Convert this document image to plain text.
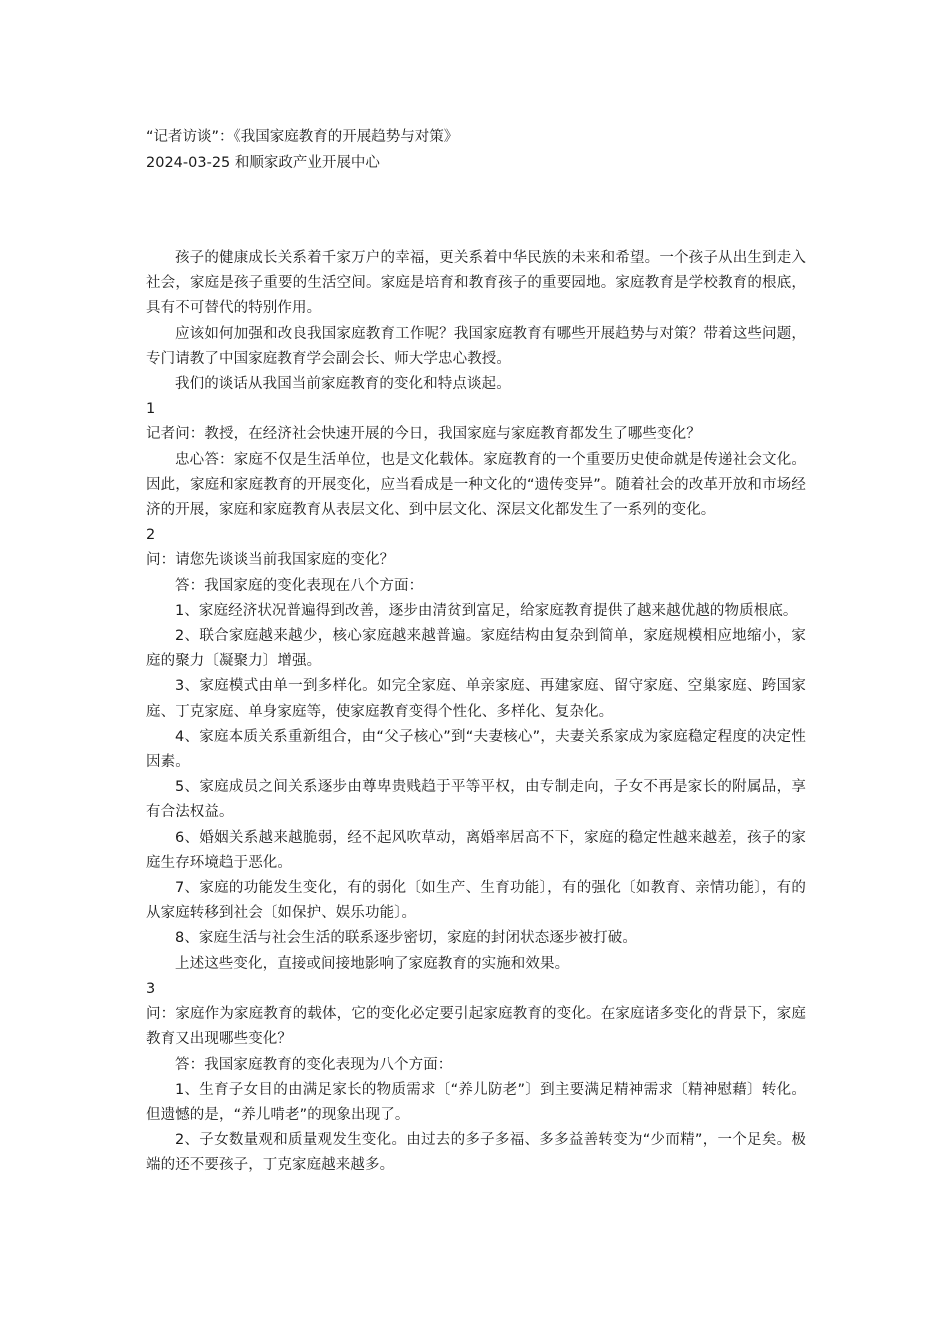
“记者访谈”：《我国家庭教育的开展趋势与对策》

2024-03-25 和顺家政产业开展中心

孩子的健康成长关系着千家万户的幸福，更关系着中华民族的未来和希望。一个孩子从出生到走入社会，家庭是孩子重要的生活空间。家庭是培育和教育孩子的重要园地。家庭教育是学校教育的根底，具有不可替代的特别作用。

应该如何加强和改良我国家庭教育工作呢？我国家庭教育有哪些开展趋势与对策？带着这些问题，专门请教了中国家庭教育学会副会长、师大学忠心教授。

我们的谈话从我国当前家庭教育的变化和特点谈起。

1

记者问：教授，在经济社会快速开展的今日，我国家庭与家庭教育都发生了哪些变化？

忠心答：家庭不仅是生活单位，也是文化载体。家庭教育的一个重要历史使命就是传递社会文化。因此，家庭和家庭教育的开展变化，应当看成是一种文化的“遗传变异”。随着社会的改革开放和市场经济的开展，家庭和家庭教育从表层文化、到中层文化、深层文化都发生了一系列的变化。

2

问：请您先谈谈当前我国家庭的变化？

答：我国家庭的变化表现在八个方面：

1、家庭经济状况普遍得到改善，逐步由清贫到富足，给家庭教育提供了越来越优越的物质根底。

2、联合家庭越来越少，核心家庭越来越普遍。家庭结构由复杂到简单，家庭规模相应地缩小，家庭的聚力〔凝聚力〕增强。

3、家庭模式由单一到多样化。如完全家庭、单亲家庭、再建家庭、留守家庭、空巢家庭、跨国家庭、丁克家庭、单身家庭等，使家庭教育变得个性化、多样化、复杂化。

4、家庭本质关系重新组合，由“父子核心”到“夫妻核心”，夫妻关系家成为家庭稳定程度的决定性因素。

5、家庭成员之间关系逐步由尊卑贵贱趋于平等平权，由专制走向，子女不再是家长的附属品，享有合法权益。

6、婚姻关系越来越脆弱，经不起风吹草动，离婚率居高不下，家庭的稳定性越来越差，孩子的家庭生存环境趋于恶化。

7、家庭的功能发生变化，有的弱化〔如生产、生育功能〕，有的强化〔如教育、亲情功能〕，有的从家庭转移到社会〔如保护、娱乐功能〕。

8、家庭生活与社会生活的联系逐步密切，家庭的封闭状态逐步被打破。

上述这些变化，直接或间接地影响了家庭教育的实施和效果。

3

问：家庭作为家庭教育的载体，它的变化必定要引起家庭教育的变化。在家庭诸多变化的背景下，家庭教育又出现哪些变化？

答：我国家庭教育的变化表现为八个方面：

1、生育子女目的由满足家长的物质需求〔“养儿防老”〕到主要满足精神需求〔精神慰藉〕转化。但遗憾的是，“养儿啃老”的现象出现了。

2、子女数量观和质量观发生变化。由过去的多子多福、多多益善转变为“少而精”，一个足矣。极端的还不要孩子，丁克家庭越来越多。
